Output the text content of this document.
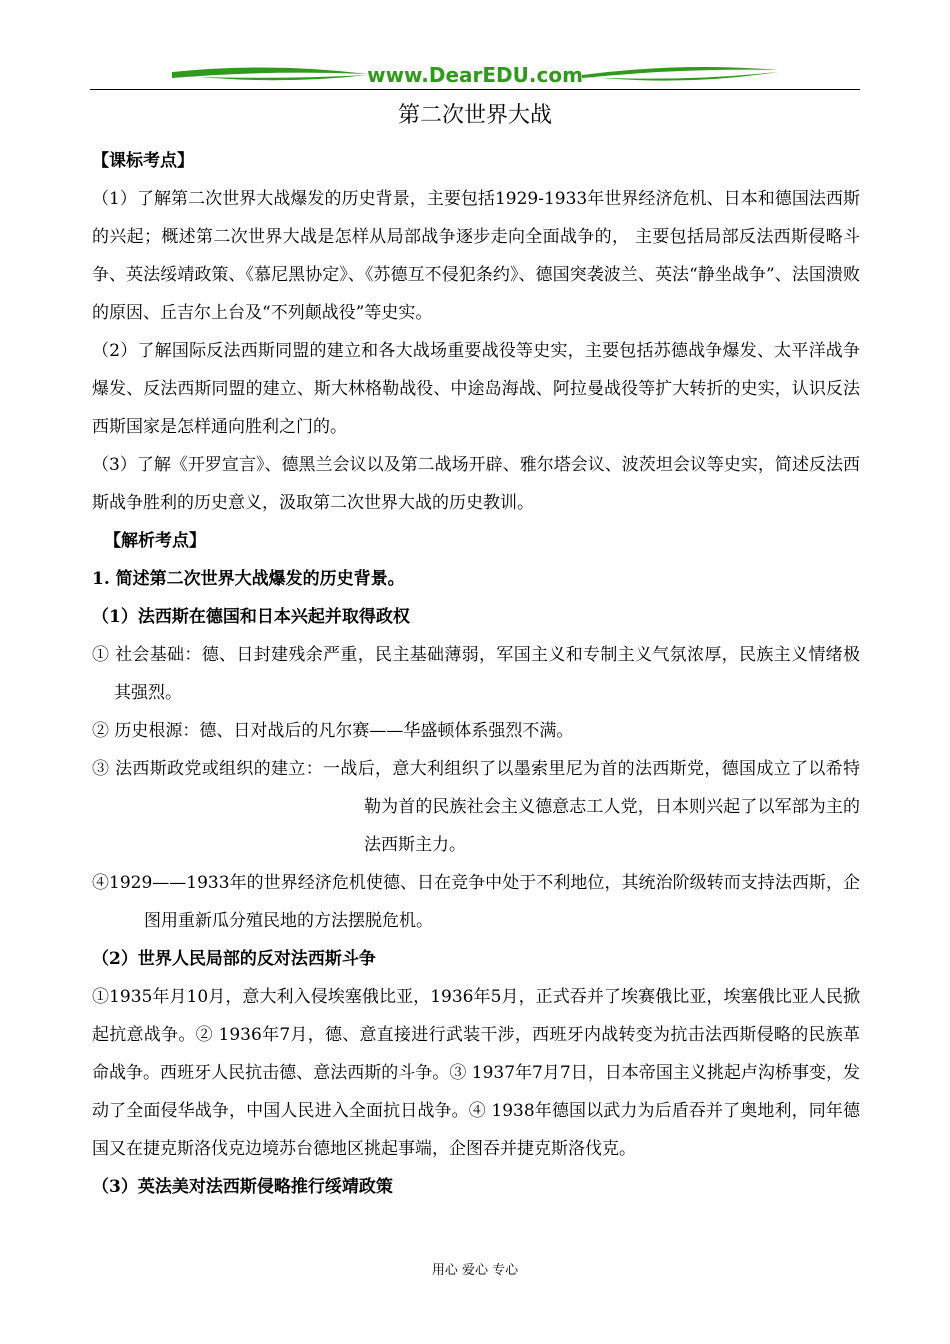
www.DearEDU.com
第二次世界大战

【课标考点】

（1）了解第二次世界大战爆发的历史背景，主要包括1929-1933年世界经济危机、日本和德国法西斯的兴起；概述第二次世界大战是怎样从局部战争逐步走向全面战争的， 主要包括局部反法西斯侵略斗争、英法绥靖政策、《慕尼黑协定》、《苏德互不侵犯条约》、德国突袭波兰、英法“静坐战争”、法国溃败的原因、丘吉尔上台及“不列颠战役”等史实。

（2）了解国际反法西斯同盟的建立和各大战场重要战役等史实，主要包括苏德战争爆发、太平洋战争爆发、反法西斯同盟的建立、斯大林格勒战役、中途岛海战、阿拉曼战役等扩大转折的史实，认识反法西斯国家是怎样通向胜利之门的。

（3）了解《开罗宣言》、德黑兰会议以及第二战场开辟、雅尔塔会议、波茨坦会议等史实，简述反法西斯战争胜利的历史意义，汲取第二次世界大战的历史教训。

【解析考点】

1. 简述第二次世界大战爆发的历史背景。

（1）法西斯在德国和日本兴起并取得政权

① 社会基础：德、日封建残余严重，民主基础薄弱，军国主义和专制主义气氛浓厚，民族主义情绪极其强烈。

② 历史根源：德、日对战后的凡尔赛——华盛顿体系强烈不满。

③ 法西斯政党或组织的建立：一战后，意大利组织了以墨索里尼为首的法西斯党，德国成立了以希特勒为首的民族社会主义德意志工人党，日本则兴起了以军部为主的法西斯主力。

④1929——1933年的世界经济危机使德、日在竞争中处于不利地位，其统治阶级转而支持法西斯，企图用重新瓜分殖民地的方法摆脱危机。

（2）世界人民局部的反对法西斯斗争

①1935年月10月，意大利入侵埃塞俄比亚，1936年5月，正式吞并了埃赛俄比亚，埃塞俄比亚人民掀起抗意战争。② 1936年7月，德、意直接进行武装干涉，西班牙内战转变为抗击法西斯侵略的民族革命战争。西班牙人民抗击德、意法西斯的斗争。③ 1937年7月7日，日本帝国主义挑起卢沟桥事变，发动了全面侵华战争，中国人民进入全面抗日战争。④ 1938年德国以武力为后盾吞并了奥地利，同年德国又在捷克斯洛伐克边境苏台德地区挑起事端，企图吞并捷克斯洛伐克。

（3）英法美对法西斯侵略推行绥靖政策

用心 爱心 专心
